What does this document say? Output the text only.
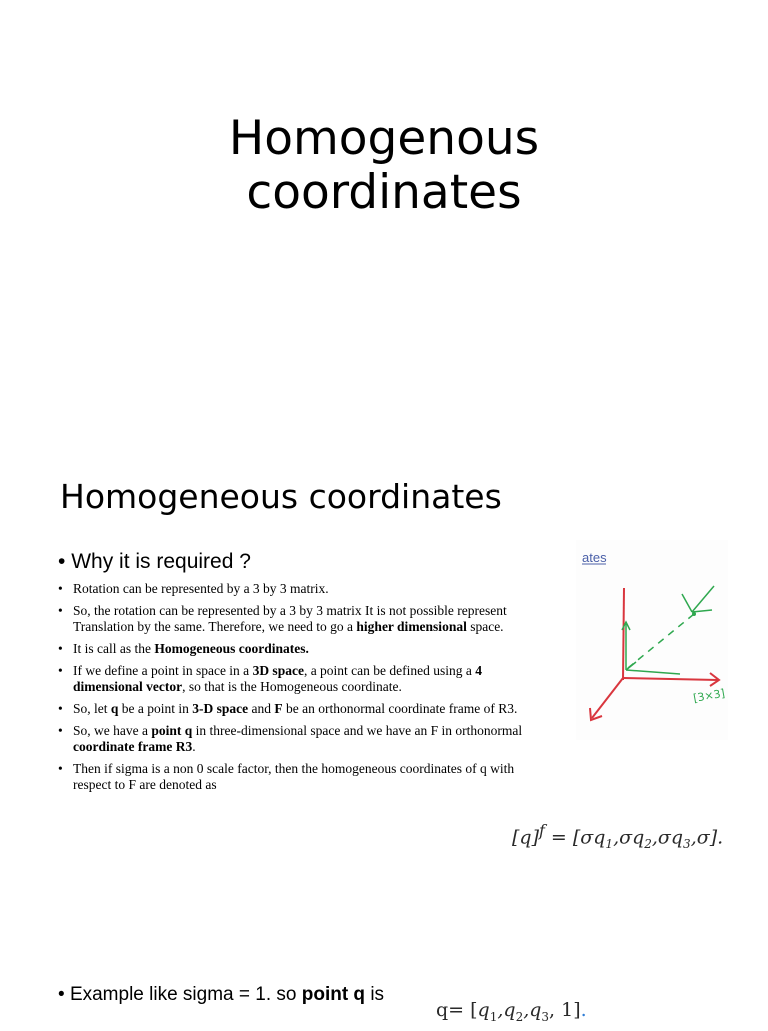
Homogenous
coordinates
Homogeneous coordinates
• Why it is required ?
• Rotation can be represented by a 3 by 3 matrix.
• So, the rotation can be represented by a 3 by 3 matrix It is not possible represent Translation by the same. Therefore, we need to go a higher dimensional space.
• It is call as the Homogeneous coordinates.
• If we define a point in space in a 3D space, a point can be defined using a 4 dimensional vector, so that is the Homogeneous coordinate.
• So, let q be a point in 3-D space and F be an orthonormal coordinate frame of R3.
• So, we have a point q in three-dimensional space and we have an F in orthonormal coordinate frame R3.
• Then if sigma is a non 0 scale factor, then the homogeneous coordinates of q with respect to F are denoted as
ates
[3×3]
$[q]^f = [\sigma q_1,\sigma q_2,\sigma q_3,\sigma]$.
• Example like sigma = 1. so point q is
$q= [q_1,q_2,q_3$, 1].
